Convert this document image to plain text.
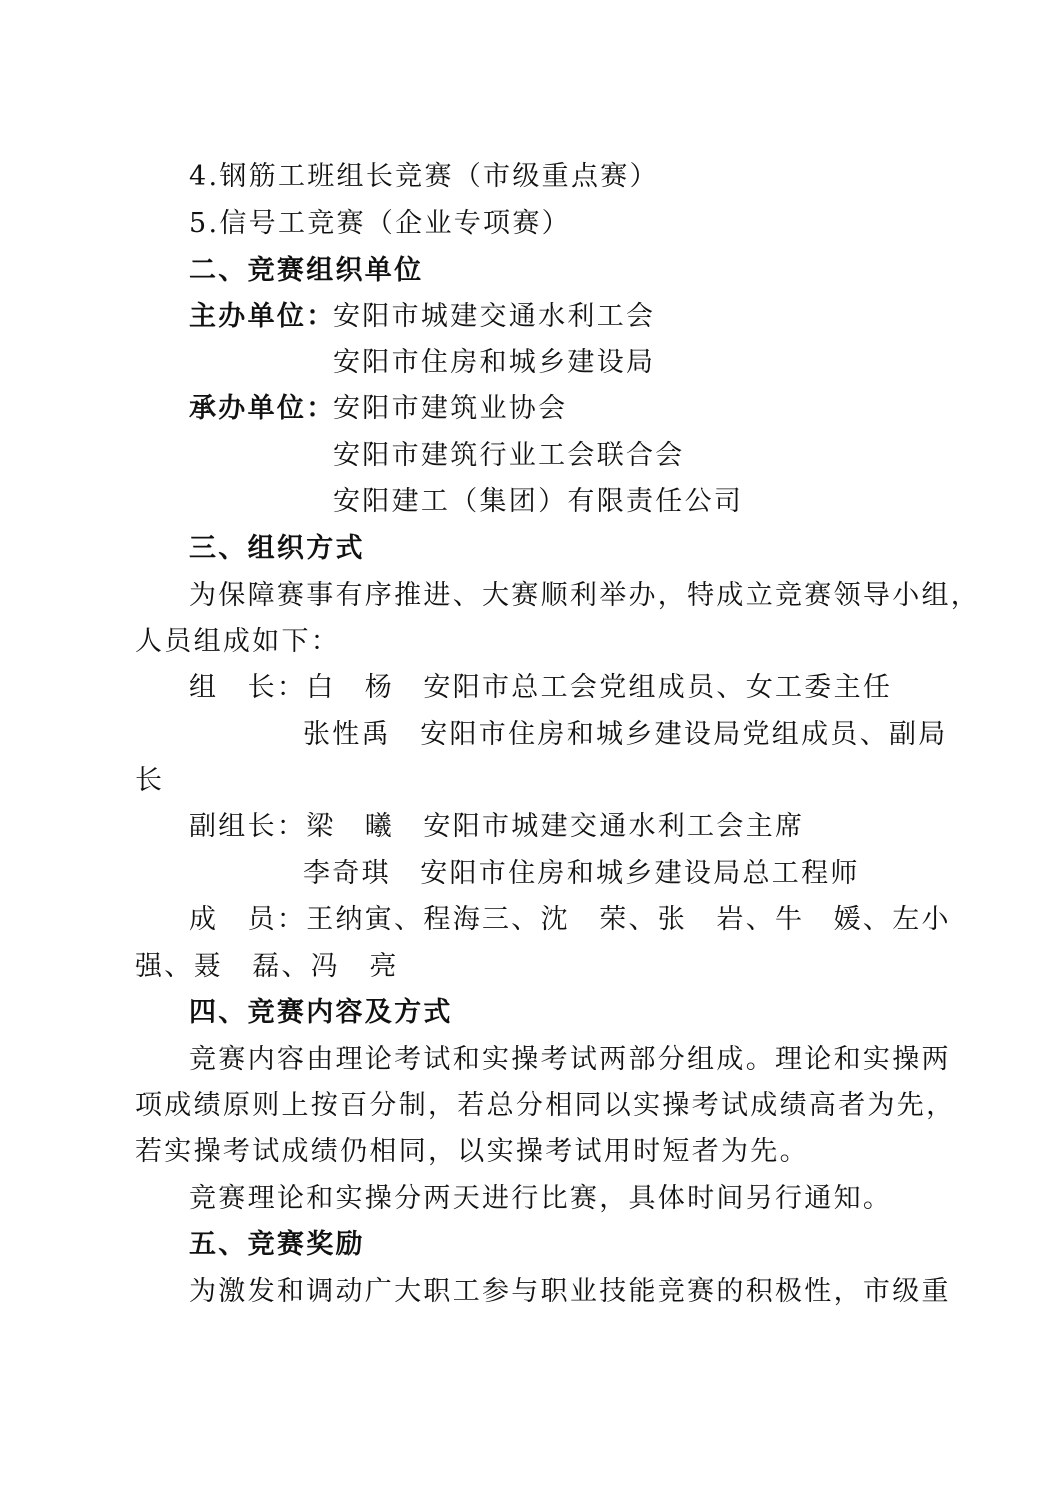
4.钢筋工班组长竞赛（市级重点赛）
5.信号工竞赛（企业专项赛）
二、竞赛组织单位
主办单位：
安阳市城建交通水利工会
安阳市住房和城乡建设局
承办单位：
安阳市建筑业协会
安阳市建筑行业工会联合会
安阳建工（集团）有限责任公司
三、组织方式
为保障赛事有序推进、大赛顺利举办，特成立竞赛领导小组，
人员组成如下：
组　长：白　杨　安阳市总工会党组成员、女工委主任
张性禹　安阳市住房和城乡建设局党组成员、副局
长
副组长：梁　曦　安阳市城建交通水利工会主席
李奇琪　安阳市住房和城乡建设局总工程师
成　员：王纳寅、程海三、沈　荣、张　岩、牛　媛、左小
强、聂　磊、冯　亮
四、竞赛内容及方式
竞赛内容由理论考试和实操考试两部分组成。理论和实操两
项成绩原则上按百分制，若总分相同以实操考试成绩高者为先，
若实操考试成绩仍相同，以实操考试用时短者为先。
竞赛理论和实操分两天进行比赛，具体时间另行通知。
五、竞赛奖励
为激发和调动广大职工参与职业技能竞赛的积极性，市级重
